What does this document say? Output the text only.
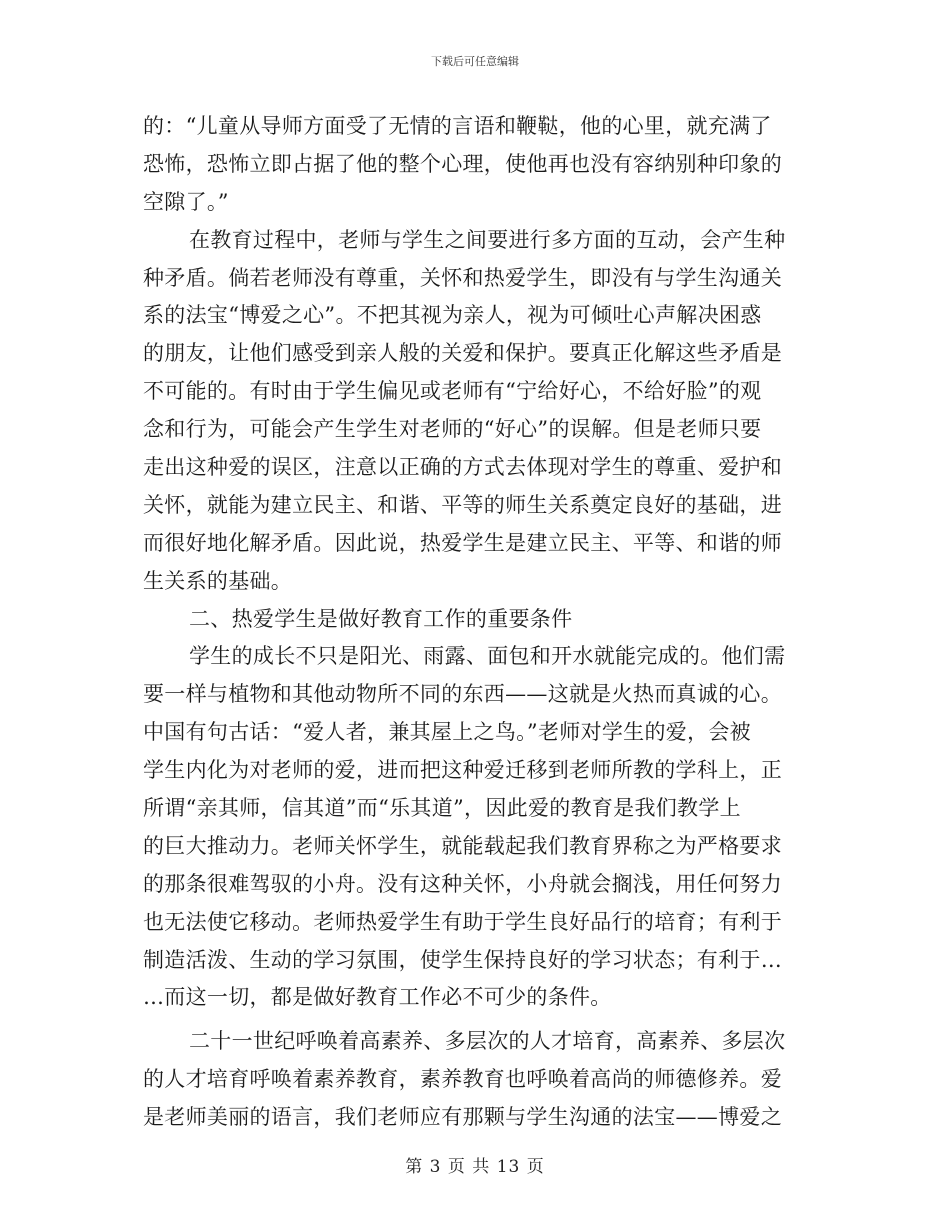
下载后可任意编辑
的：“儿童从导师方面受了无情的言语和鞭鞑，他的心里，就充满了
恐怖，恐怖立即占据了他的整个心理，使他再也没有容纳别种印象的
空隙了。”
在教育过程中，老师与学生之间要进行多方面的互动，会产生种
种矛盾。倘若老师没有尊重，关怀和热爱学生，即没有与学生沟通关
系的法宝“博爱之心”。不把其视为亲人，视为可倾吐心声解决困惑
的朋友，让他们感受到亲人般的关爱和保护。要真正化解这些矛盾是
不可能的。有时由于学生偏见或老师有“宁给好心，不给好脸”的观
念和行为，可能会产生学生对老师的“好心”的误解。但是老师只要
走出这种爱的误区，注意以正确的方式去体现对学生的尊重、爱护和
关怀，就能为建立民主、和谐、平等的师生关系奠定良好的基础，进
而很好地化解矛盾。因此说，热爱学生是建立民主、平等、和谐的师
生关系的基础。
二、热爱学生是做好教育工作的重要条件
学生的成长不只是阳光、雨露、面包和开水就能完成的。他们需
要一样与植物和其他动物所不同的东西——这就是火热而真诚的心。
中国有句古话：“爱人者，兼其屋上之鸟。”老师对学生的爱，会被
学生内化为对老师的爱，进而把这种爱迁移到老师所教的学科上，正
所谓“亲其师，信其道”而“乐其道”，因此爱的教育是我们教学上
的巨大推动力。老师关怀学生，就能载起我们教育界称之为严格要求
的那条很难驾驭的小舟。没有这种关怀，小舟就会搁浅，用任何努力
也无法使它移动。老师热爱学生有助于学生良好品行的培育；有利于
制造活泼、生动的学习氛围，使学生保持良好的学习状态；有利于…
…而这一切，都是做好教育工作必不可少的条件。
二十一世纪呼唤着高素养、多层次的人才培育，高素养、多层次
的人才培育呼唤着素养教育，素养教育也呼唤着高尚的师德修养。爱
是老师美丽的语言，我们老师应有那颗与学生沟通的法宝——博爱之
第 3 页 共 13 页
